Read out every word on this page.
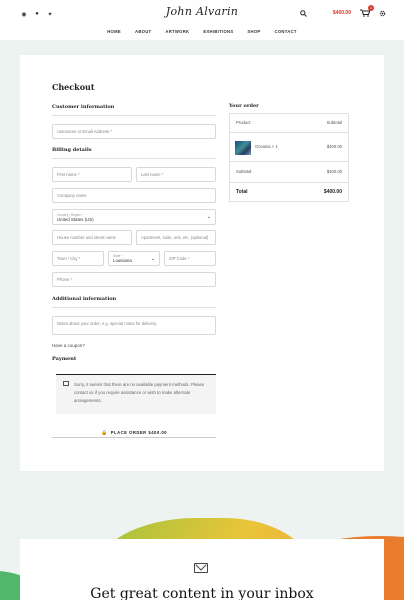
◉	●	✦	John Alvarin
HOME	ABOUT	ARTWORK	EXHIBITIONS	SHOP	CONTACT
$400.00
1
Checkout
Customer information
Username or Email Address *
Billing details
First name *	Last name *
Company name
Country / Region *
United States (US)	⌄
House number and street name	Apartment, suite, unit, etc. (optional)
Town / City *	State *
Louisiana	⌄	ZIP Code *
Phone *
Additional information
Notes about your order, e.g. special notes for delivery.
Have a coupon?
Payment
Sorry, it seems that there are no available payment methods. Please contact us if you require assistance or wish to make alternate arrangements.
🔒 PLACE ORDER $400.00
Your order
Product	Subtotal
Oceania × 1	$400.00
Subtotal	$400.00
Total	$400.00
Get great content in your inbox
